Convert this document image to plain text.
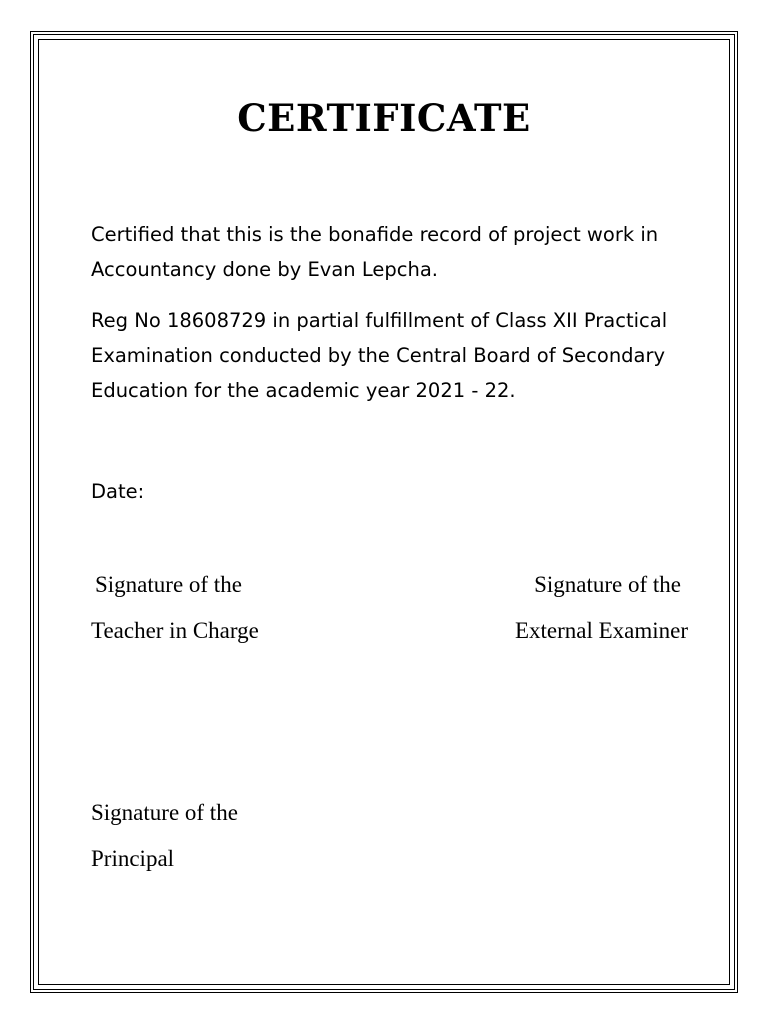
CERTIFICATE

Certified that this is the bonafide record of project work in
Accountancy done by Evan Lepcha.

Reg No 18608729 in partial fulfillment of Class XII Practical
Examination conducted by the Central Board of Secondary
Education for the academic year 2021 - 22.

Date:

Signature of the
Teacher in Charge
Signature of the
External Examiner
Signature of the
Principal
